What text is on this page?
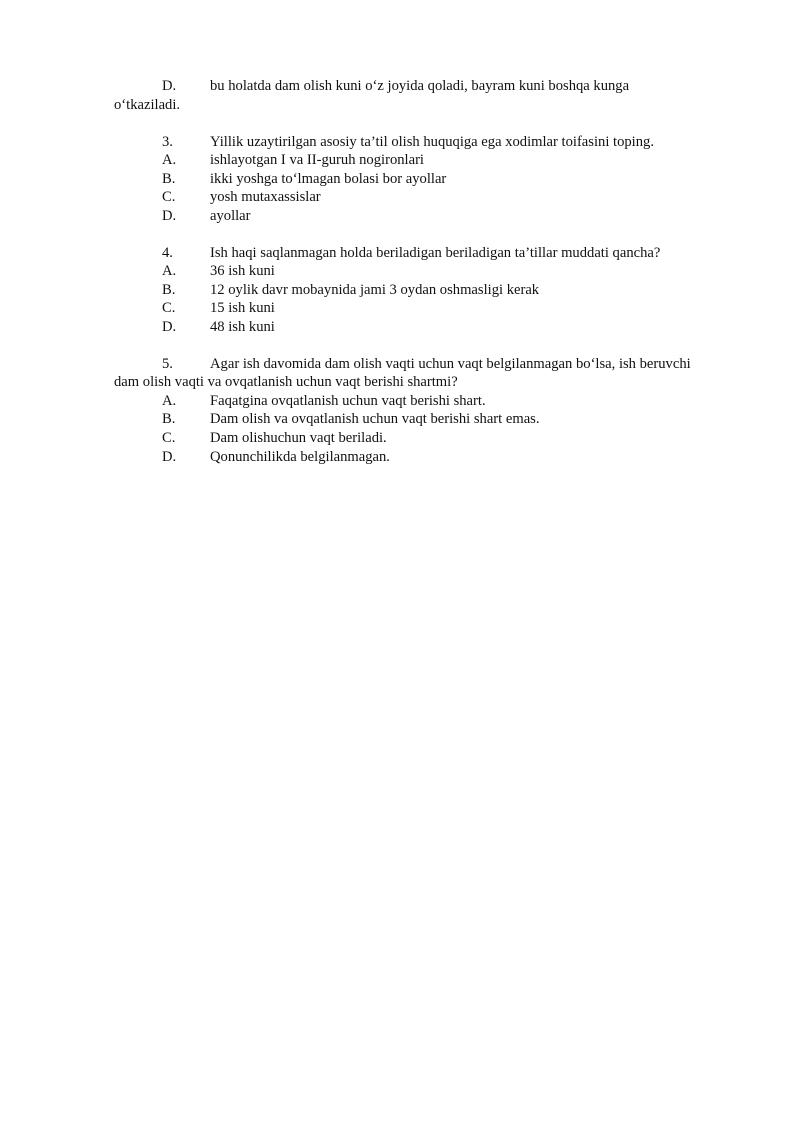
D. bu holatda dam olish kuni o‘z joyida qoladi, bayram kuni boshqa kunga
o‘tkaziladi.
3.	Yillik uzaytirilgan asosiy ta’til olish huquqiga ega xodimlar toifasini toping.
A. ishlayotgan I va II-guruh nogironlari
B. ikki yoshga to‘lmagan bolasi bor ayollar
C. yosh mutaxassislar
D. ayollar
4.	Ish haqi saqlanmagan holda beriladigan beriladigan ta’tillar muddati qancha?
A. 36 ish kuni
B. 12 oylik davr mobaynida jami 3 oydan oshmasligi kerak
C. 15 ish kuni
D. 48 ish kuni
5.	Agar ish davomida dam olish vaqti uchun vaqt belgilanmagan bo‘lsa, ish beruvchi
dam olish vaqti va ovqatlanish uchun vaqt berishi shartmi?
A. Faqatgina ovqatlanish uchun vaqt berishi shart.
B. Dam olish va ovqatlanish uchun vaqt berishi shart emas.
C. Dam olishuchun vaqt beriladi.
D. Qonunchilikda belgilanmagan.
